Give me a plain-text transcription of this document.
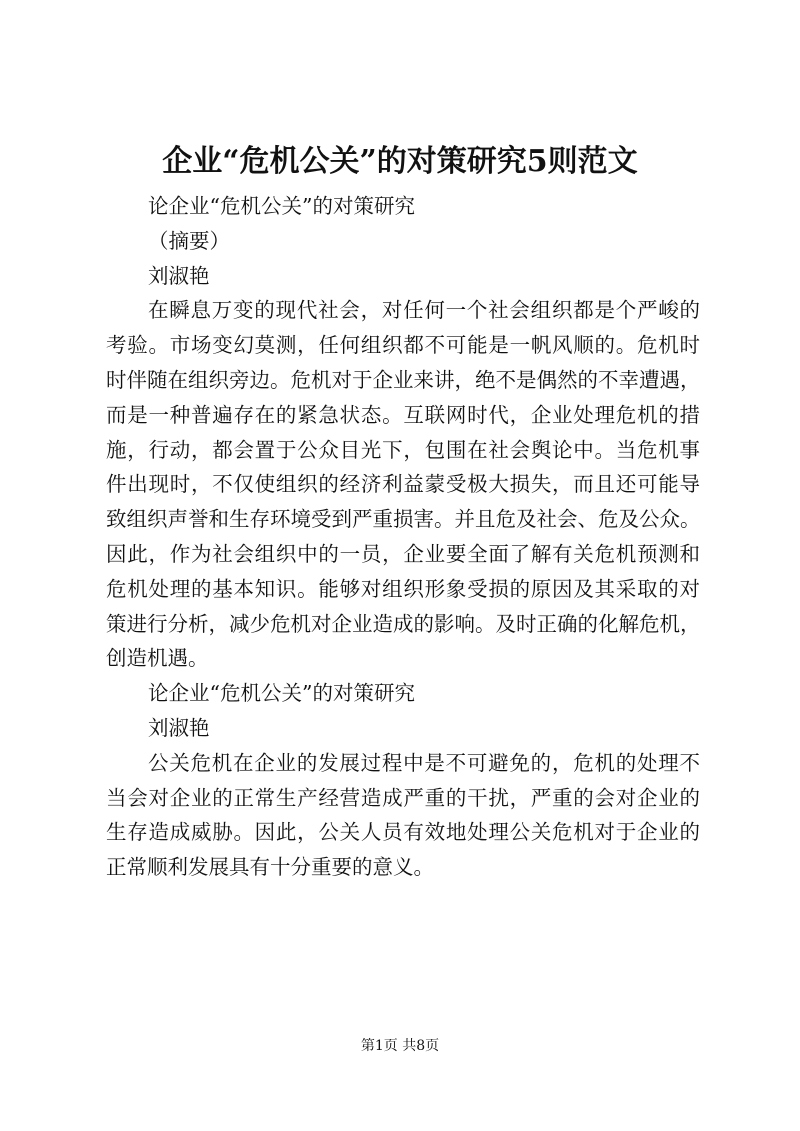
企业“危机公关”的对策研究5则范文
论企业“危机公关”的对策研究
（摘要）
刘淑艳
在瞬息万变的现代社会，对任何一个社会组织都是个严峻的
考验。市场变幻莫测，任何组织都不可能是一帆风顺的。危机时
时伴随在组织旁边。危机对于企业来讲，绝不是偶然的不幸遭遇，
而是一种普遍存在的紧急状态。互联网时代，企业处理危机的措
施，行动，都会置于公众目光下，包围在社会舆论中。当危机事
件出现时，不仅使组织的经济利益蒙受极大损失，而且还可能导
致组织声誉和生存环境受到严重损害。并且危及社会、危及公众。
因此，作为社会组织中的一员，企业要全面了解有关危机预测和
危机处理的基本知识。能够对组织形象受损的原因及其采取的对
策进行分析，减少危机对企业造成的影响。及时正确的化解危机，
创造机遇。
论企业“危机公关”的对策研究
刘淑艳
公关危机在企业的发展过程中是不可避免的，危机的处理不
当会对企业的正常生产经营造成严重的干扰，严重的会对企业的
生存造成威胁。因此，公关人员有效地处理公关危机对于企业的
正常顺利发展具有十分重要的意义。
第1页 共8页
